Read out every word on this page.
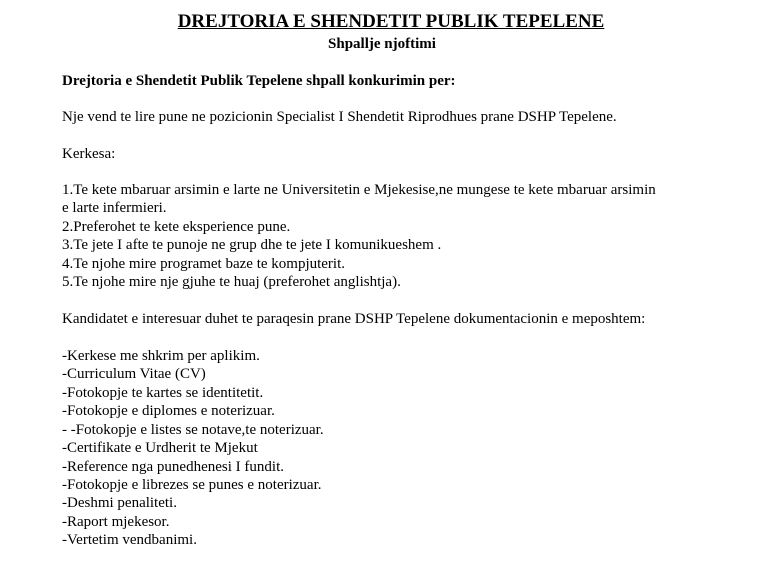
DREJTORIA E SHENDETIT PUBLIK TEPELENE
Shpallje njoftimi
Drejtoria e Shendetit Publik Tepelene shpall konkurimin per:
Nje vend te lire pune ne pozicionin Specialist I Shendetit Riprodhues prane DSHP Tepelene.
Kerkesa:
1.Te kete mbaruar arsimin e larte ne Universitetin e Mjekesise,ne mungese te kete mbaruar arsimin
e larte infermieri.
2.Preferohet te kete eksperience pune.
3.Te jete I afte te punoje ne grup dhe te jete I komunikueshem .
4.Te njohe mire programet baze te kompjuterit.
5.Te njohe mire nje gjuhe te huaj (preferohet anglishtja).
Kandidatet e interesuar duhet te paraqesin prane DSHP Tepelene dokumentacionin e meposhtem:
-Kerkese me shkrim per aplikim.
-Curriculum Vitae (CV)
-Fotokopje te kartes se identitetit.
-Fotokopje e diplomes e noterizuar.
- -Fotokopje e listes se notave,te noterizuar.
-Certifikate e Urdherit te Mjekut
-Reference nga punedhenesi I fundit.
-Fotokopje e librezes se punes e noterizuar.
-Deshmi penaliteti.
-Raport mjekesor.
-Vertetim vendbanimi.
